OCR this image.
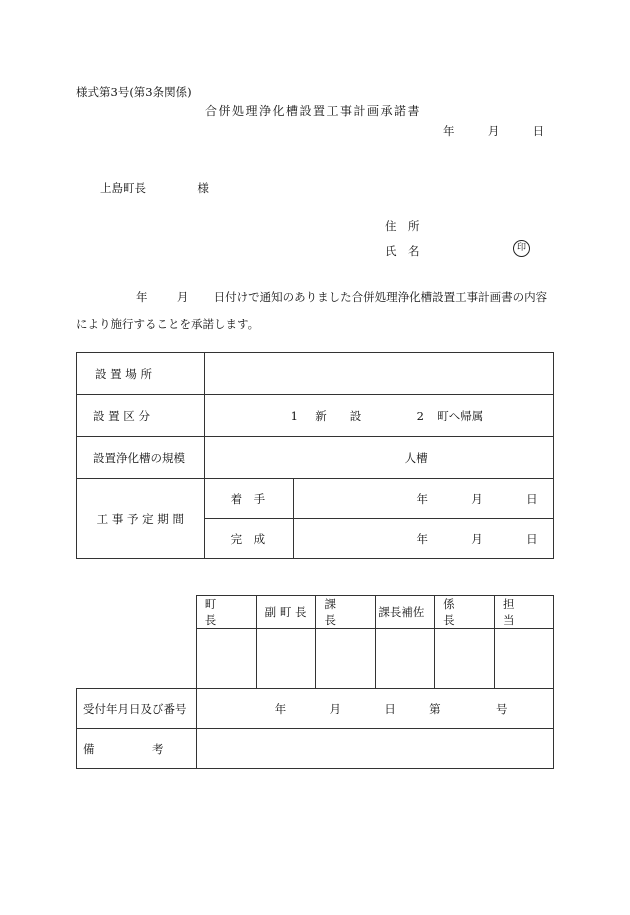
様式第3号(第3条関係)
合併処理浄化槽設置工事計画承諾書
年	月	日
上島町長	様
住　所
氏　名	印
年	月 日付けで通知のありました合併処理浄化槽設置工事計画書の内容
により施行することを承諾します。
設 置 場 所		

設 置 区 分	1 新　　設 2 町へ帰属	

設置浄化槽の規模	人槽	

工 事 予 定 期 間	着　手	年 月 日

	完　成	年 月 日
	町　　長	副 町 長	課　　長	課長補佐	係　　長	担　　当

受付年月日及び番号	年 月 日 第 号					

備　　　　　考						
